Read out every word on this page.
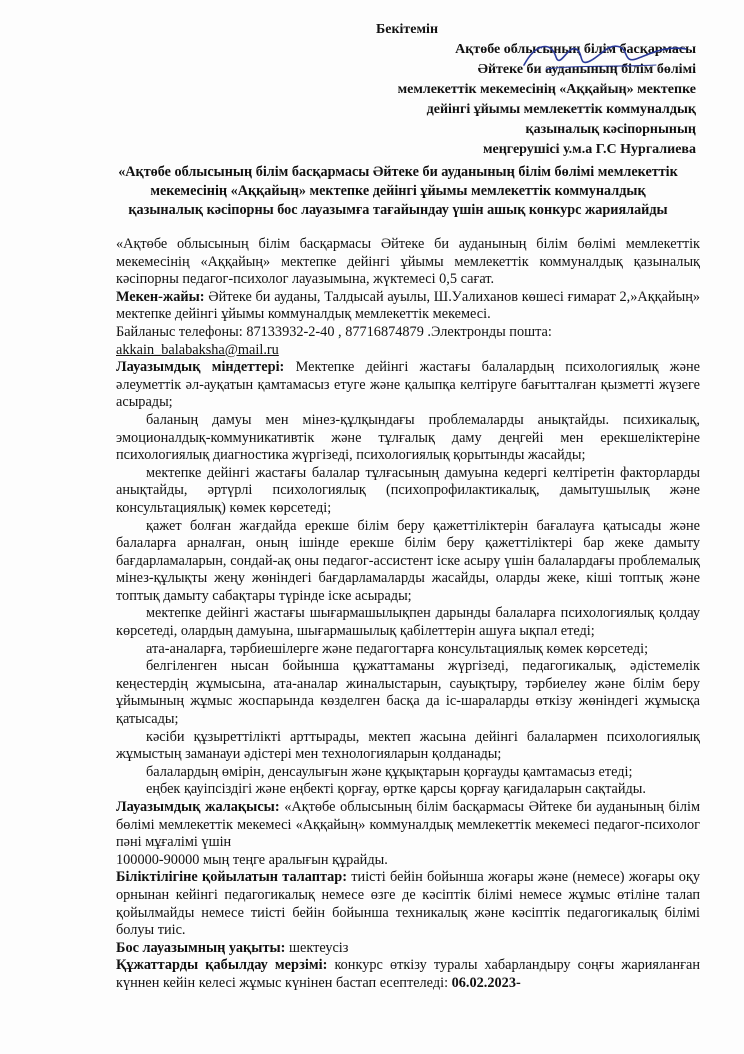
Бекітемін
Ақтөбе облысының білім басқармасы
Әйтеке би ауданының білім бөлімі
мемлекеттік мекемесінің «Аққайың» мектепке
дейінгі ұйымы мемлекеттік коммуналдық
қазыналық кәсіпорнының
меңгерушісі у.м.а Г.С Нургалиева
«Ақтөбе облысының білім басқармасы Әйтеке би ауданының білім бөлімі мемлекеттік мекемесінің «Аққайың» мектепке дейінгі ұйымы мемлекеттік коммуналдық қазыналық кәсіпорны бос лауазымға тағайындау үшін ашық конкурс жариялайды

«Ақтөбе облысының білім басқармасы Әйтеке би ауданының білім бөлімі мемлекеттік мекемесінің «Аққайың» мектепке дейінгі ұйымы мемлекеттік коммуналдық қазыналық кәсіпорны педагог-психолог лауазымына, жүктемесі 0,5 сағат.

Мекен-жайы: Әйтеке би ауданы, Талдысай ауылы, Ш.Уалиханов көшесі ғимарат 2,»Аққайың» мектепке дейінгі ұйымы коммуналдық мемлекеттік мекемесі.

Байланыс телефоны: 87133932-2-40 , 87716874879 .Электронды пошта:
akkain_balabaksha@mail.ru

Лауазымдық міндеттері: Мектепке дейінгі жастағы балалардың психологиялық және әлеуметтік әл-ауқатын қамтамасыз етуге және қалыпқа келтіруге бағытталған қызметті жүзеге асырады;

баланың дамуы мен мінез-құлқындағы проблемаларды анықтайды. психикалық, эмоционалдық-коммуникативтік және тұлғалық даму деңгейі мен ерекшеліктеріне психологиялық диагностика жүргізеді, психологиялық қорытынды жасайды;

мектепке дейінгі жастағы балалар тұлғасының дамуына кедергі келтіретін факторларды анықтайды, әртүрлі психологиялық (психопрофилактикалық, дамытушылық және консультациялық) көмек көрсетеді;

қажет болған жағдайда ерекше білім беру қажеттіліктерін бағалауға қатысады және балаларға арналған, оның ішінде ерекше білім беру қажеттіліктері бар жеке дамыту бағдарламаларын, сондай-ақ оны педагог-ассистент іске асыру үшін балалардағы проблемалық мінез-құлықты жеңу жөніндегі бағдарламаларды жасайды, оларды жеке, кіші топтық және топтық дамыту сабақтары түрінде іске асырады;

мектепке дейінгі жастағы шығармашылықпен дарынды балаларға психологиялық қолдау көрсетеді, олардың дамуына, шығармашылық қабілеттерін ашуға ықпал етеді;

ата-аналарға, тәрбиешілерге және педагогтарға консультациялық көмек көрсетеді;

белгіленген нысан бойынша құжаттаманы жүргізеді, педагогикалық, әдістемелік кеңестердің жұмысына, ата-аналар жиналыстарын, сауықтыру, тәрбиелеу және білім беру ұйымының жұмыс жоспарында көзделген басқа да іс-шараларды өткізу жөніндегі жұмысқа қатысады;

кәсіби құзыреттілікті арттырады, мектеп жасына дейінгі балалармен психологиялық жұмыстың заманауи әдістері мен технологияларын қолданады;

балалардың өмірін, денсаулығын және құқықтарын қорғауды қамтамасыз етеді;

еңбек қауіпсіздігі және еңбекті қорғау, өртке қарсы қорғау қағидаларын сақтайды.

Лауазымдық жалақысы: «Ақтөбе облысының білім басқармасы Әйтеке би ауданының білім бөлімі мемлекеттік мекемесі «Аққайың» коммуналдық мемлекеттік мекемесі педагог-психолог пәні мұғалімі үшін
100000-90000 мың теңге аралығын құрайды.

Біліктілігіне қойылатын талаптар: тиісті бейін бойынша жоғары және (немесе) жоғары оқу орнынан кейінгі педагогикалық немесе өзге де кәсіптік білімі немесе жұмыс өтіліне талап қойылмайды немесе тиісті бейін бойынша техникалық және кәсіптік педагогикалық білімі болуы тиіс.

Бос лауазымның уақыты: шектеусіз

Құжаттарды қабылдау мерзімі: конкурс өткізу туралы хабарландыру соңғы жарияланған күннен кейін келесі жұмыс күнінен бастап есептеледі: 06.02.2023-
